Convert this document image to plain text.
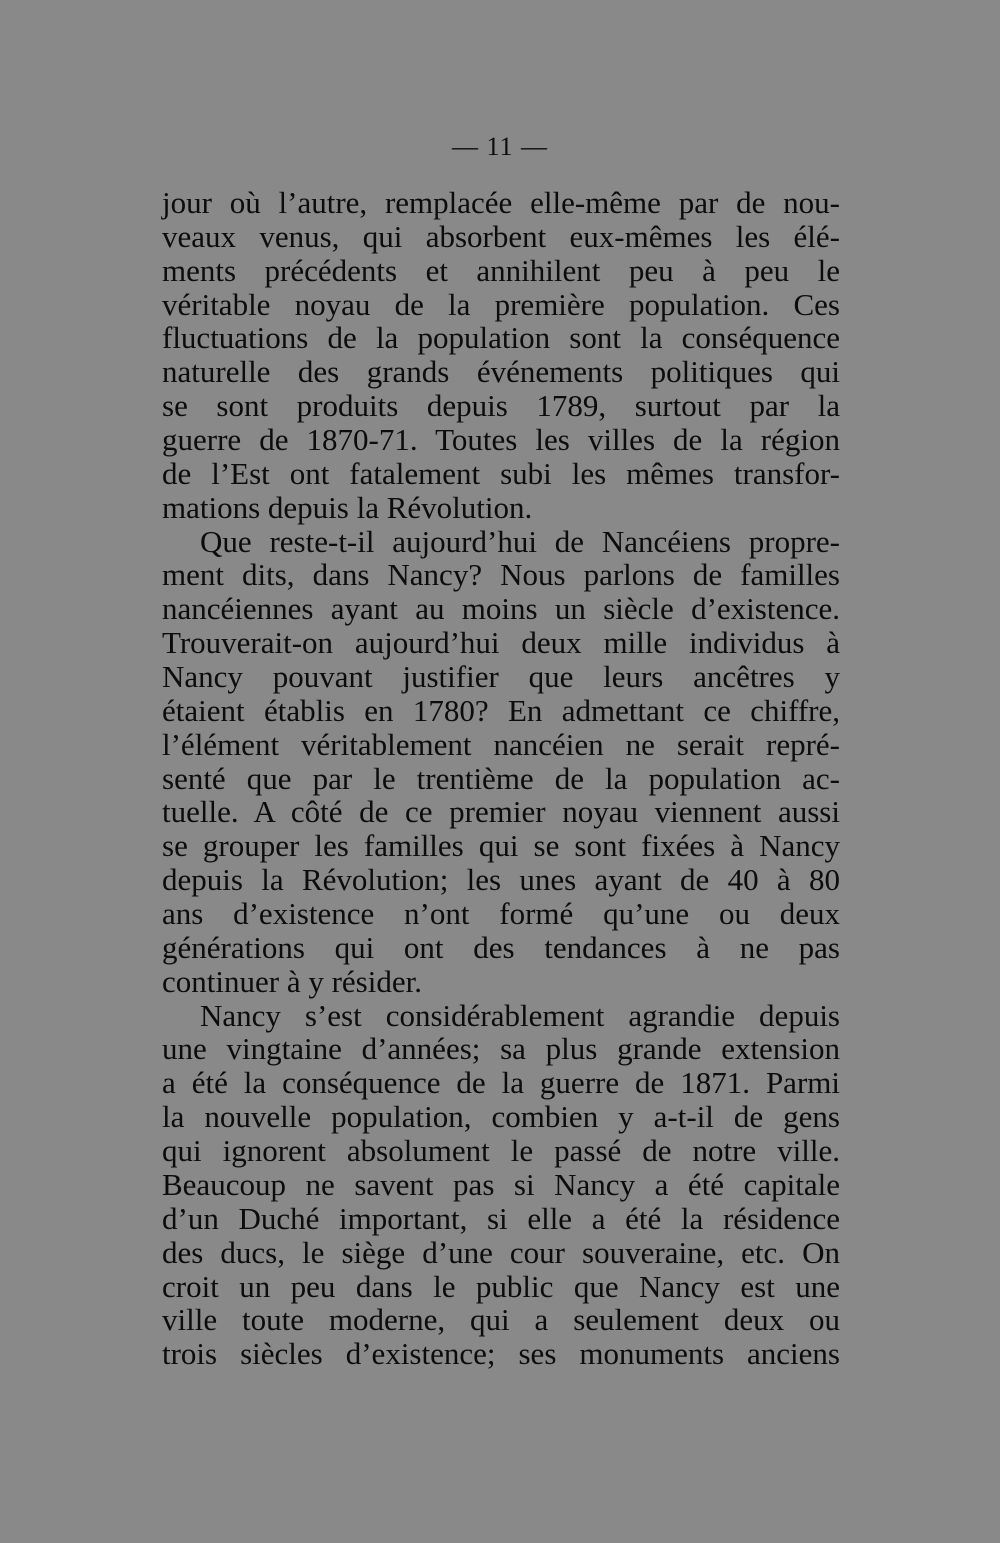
— 11 —
jour où l’autre, remplacée elle-même par de nou-
veaux venus, qui absorbent eux-mêmes les élé-
ments précédents et annihilent peu à peu le
véritable noyau de la première population. Ces
fluctuations de la population sont la conséquence
naturelle des grands événements politiques qui
se sont produits depuis 1789, surtout par la
guerre de 1870-71. Toutes les villes de la région
de l’Est ont fatalement subi les mêmes transfor-
mations depuis la Révolution.
Que reste-t-il aujourd’hui de Nancéiens propre-
ment dits, dans Nancy? Nous parlons de familles
nancéiennes ayant au moins un siècle d’existence.
Trouverait-on aujourd’hui deux mille individus à
Nancy pouvant justifier que leurs ancêtres y
étaient établis en 1780? En admettant ce chiffre,
l’élément véritablement nancéien ne serait repré-
senté que par le trentième de la population ac-
tuelle. A côté de ce premier noyau viennent aussi
se grouper les familles qui se sont fixées à Nancy
depuis la Révolution; les unes ayant de 40 à 80
ans d’existence n’ont formé qu’une ou deux
générations qui ont des tendances à ne pas
continuer à y résider.
Nancy s’est considérablement agrandie depuis
une vingtaine d’années; sa plus grande extension
a été la conséquence de la guerre de 1871. Parmi
la nouvelle population, combien y a-t-il de gens
qui ignorent absolument le passé de notre ville.
Beaucoup ne savent pas si Nancy a été capitale
d’un Duché important, si elle a été la résidence
des ducs, le siège d’une cour souveraine, etc. On
croit un peu dans le public que Nancy est une
ville toute moderne, qui a seulement deux ou
trois siècles d’existence; ses monuments anciens
